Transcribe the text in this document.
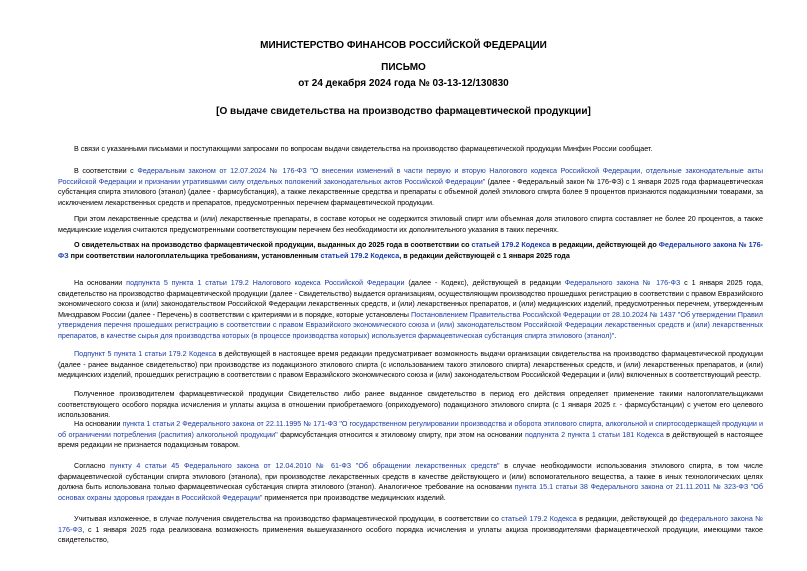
МИНИСТЕРСТВО ФИНАНСОВ РОССИЙСКОЙ ФЕДЕРАЦИИ
ПИСЬМО
от 24 декабря 2024 года № 03-13-12/130830
[О выдаче свидетельства на производство фармацевтической продукции]
В связи с указанными письмами и поступающими запросами по вопросам выдачи свидетельства на производство фармацевтической продукции Минфин России сообщает.
В соответствии с Федеральным законом от 12.07.2024 № 176-ФЗ "О внесении изменений в части первую и вторую Налогового кодекса Российской Федерации, отдельные законодательные акты Российской Федерации и признании утратившими силу отдельных положений законодательных актов Российской Федерации" (далее - Федеральный закон № 176-ФЗ) с 1 января 2025 года фармацевтическая субстанция спирта этилового (этанол) (далее - фармсубстанция), а также лекарственные средства и препараты с объемной долей этилового спирта более 9 процентов признаются подакцизными товарами, за исключением лекарственных средств и препаратов, предусмотренных перечнем фармацевтической продукции.
При этом лекарственные средства и (или) лекарственные препараты, в составе которых не содержится этиловый спирт или объемная доля этилового спирта составляет не более 20 процентов, а также медицинские изделия считаются предусмотренными соответствующим перечнем без необходимости их дополнительного указания в таких перечнях.
О свидетельствах на производство фармацевтической продукции, выданных до 2025 года в соответствии со статьей 179.2 Кодекса в редакции, действующей до Федерального закона № 176-ФЗ при соответствии налогоплательщика требованиям, установленным статьей 179.2 Кодекса, в редакции действующей с 1 января 2025 года
На основании подпункта 5 пункта 1 статьи 179.2 Налогового кодекса Российской Федерации (далее - Кодекс), действующей в редакции Федерального закона № 176-ФЗ с 1 января 2025 года, свидетельство на производство фармацевтической продукции (далее - Свидетельство) выдается организациям, осуществляющим производство прошедших регистрацию в соответствии с правом Евразийского экономического союза и (или) законодательством Российской Федерации лекарственных средств, и (или) лекарственных препаратов, и (или) медицинских изделий, предусмотренных перечнем, утвержденным Минздравом России (далее - Перечень) в соответствии с критериями и в порядке, которые установлены Постановлением Правительства Российской Федерации от 28.10.2024 № 1437 "Об утверждении Правил утверждения перечня прошедших регистрацию в соответствии с правом Евразийского экономического союза и (или) законодательством Российской Федерации лекарственных средств и (или) лекарственных препаратов, в качестве сырья для производства которых (в процессе производства которых) используется фармацевтическая субстанция спирта этилового (этанол)".
Подпункт 5 пункта 1 статьи 179.2 Кодекса в действующей в настоящее время редакции предусматривает возможность выдачи организации свидетельства на производство фармацевтической продукции (далее - ранее выданное свидетельство) при производстве из подакцизного этилового спирта (с использованием такого этилового спирта) лекарственных средств, и (или) лекарственных препаратов, и (или) медицинских изделий, прошедших регистрацию в соответствии с правом Евразийского экономического союза и (или) законодательством Российской Федерации и (или) включенных в соответствующий реестр.
Полученное производителем фармацевтической продукции Свидетельство либо ранее выданное свидетельство в период его действия определяет применение такими налогоплательщиками соответствующего особого порядка исчисления и уплаты акциза в отношении приобретаемого (оприходуемого) подакцизного этилового спирта (с 1 января 2025 г. - фармсубстанции) с учетом его целевого использования.
На основании пункта 1 статьи 2 Федерального закона от 22.11.1995 № 171-ФЗ "О государственном регулировании производства и оборота этилового спирта, алкогольной и спиртосодержащей продукции и об ограничении потребления (распития) алкогольной продукции" фармсубстанция относится к этиловому спирту, при этом на основании подпункта 2 пункта 1 статьи 181 Кодекса в действующей в настоящее время редакции не признается подакцизным товаром.
Согласно пункту 4 статьи 45 Федерального закона от 12.04.2010 № 61-ФЗ "Об обращении лекарственных средств" в случае необходимости использования этилового спирта, в том числе фармацевтической субстанции спирта этилового (этанола), при производстве лекарственных средств в качестве действующего и (или) вспомогательного вещества, а также в иных технологических целях должна быть использована только фармацевтическая субстанция спирта этилового (этанол). Аналогичное требование на основании пункта 15.1 статьи 38 Федерального закона от 21.11.2011 № 323-ФЗ "Об основах охраны здоровья граждан в Российской Федерации" применяется при производстве медицинских изделий.
Учитывая изложенное, в случае получения свидетельства на производство фармацевтической продукции, в соответствии со статьей 179.2 Кодекса в редакции, действующей до федерального закона № 176-ФЗ, с 1 января 2025 года реализована возможность применения вышеуказанного особого порядка исчисления и уплаты акциза производителями фармацевтической продукции, имеющими такое свидетельство,
